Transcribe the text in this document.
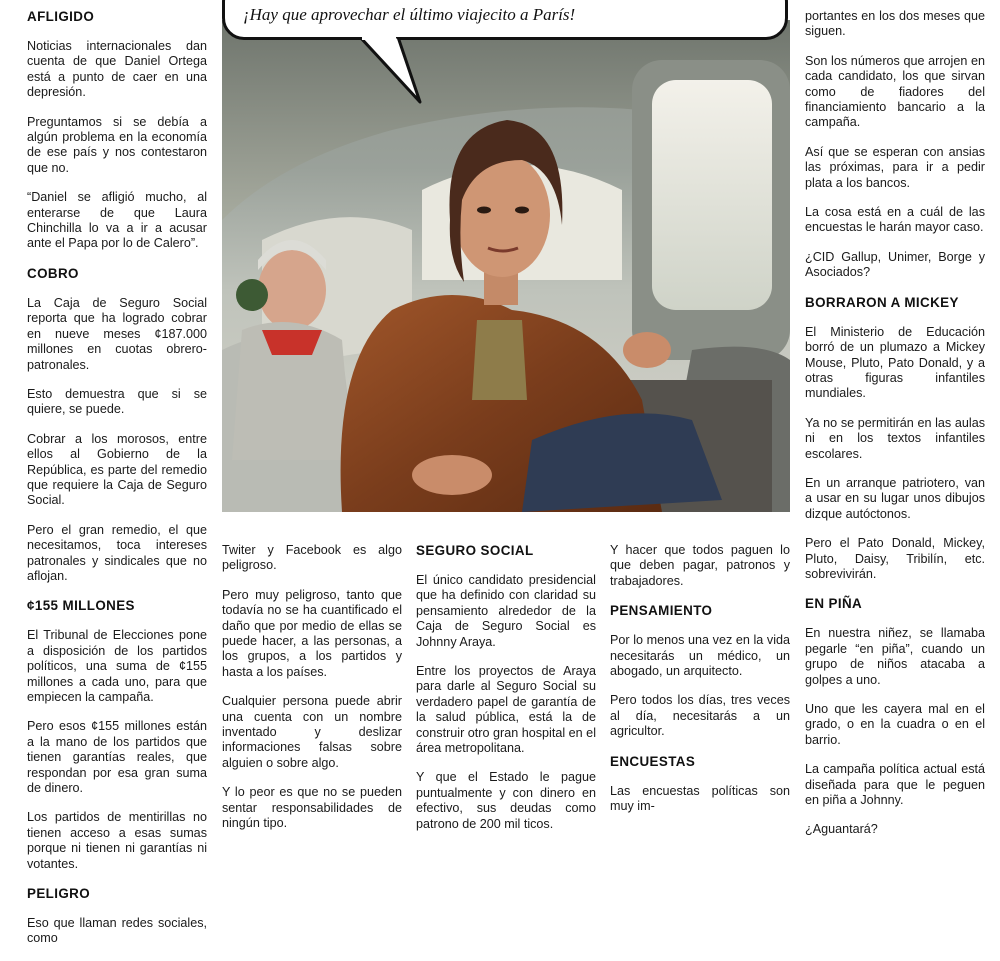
AFLIGIDO

Noticias internacionales dan cuenta de que Daniel Ortega está a punto de caer en una depresión.

Preguntamos si se debía a algún problema en la economía de ese país y nos contestaron que no.

“Daniel se afligió mucho, al enterarse de que Laura Chinchilla lo va a ir a acusar ante el Papa por lo de Calero”.

COBRO

La Caja de Seguro Social reporta que ha logrado cobrar en nueve meses ¢187.000 millones en cuotas obrero-patronales.

Esto demuestra que si se quiere, se puede.

Cobrar a los morosos, entre ellos al Gobierno de la República, es parte del remedio que requiere la Caja de Seguro Social.

Pero el gran remedio, el que necesitamos, toca intereses patronales y sindicales que no aflojan.

¢155 MILLONES

El Tribunal de Elecciones pone a disposición de los partidos políticos, una suma de ¢155 millones a cada uno, para que empiecen la campaña.

Pero esos ¢155 millones están a la mano de los partidos que tienen garantías reales, que respondan por esa gran suma de dinero.

Los partidos de mentirillas no tienen acceso a esas sumas porque ni tienen ni garantías ni votantes.

PELIGRO

Eso que llaman redes sociales, como

Twiter y Facebook es algo peligroso.

Pero muy peligroso, tanto que todavía no se ha cuantificado el daño que por medio de ellas se puede hacer, a las personas, a los grupos, a los partidos y hasta a los países.

Cualquier persona puede abrir una cuenta con un nombre inventado y deslizar informaciones falsas sobre alguien o sobre algo.

Y lo peor es que no se pueden sentar responsabilidades de ningún tipo.

SEGURO SOCIAL

El único candidato presidencial que ha definido con claridad su pensamiento alrededor de la Caja de Seguro Social es Johnny Araya.

Entre los proyectos de Araya para darle al Seguro Social su verdadero papel de garantía de la salud pública, está la de construir otro gran hospital en el área metropolitana.

Y que el Estado le pague puntualmente y con dinero en efectivo, sus deudas como patrono de 200 mil ticos.

Y hacer que todos paguen lo que deben pagar, patronos y trabajadores.

PENSAMIENTO

Por lo menos una vez en la vida necesitarás un médico, un abogado, un arquitecto.

Pero todos los días, tres veces al día, necesitarás a un agricultor.

ENCUESTAS

Las encuestas políticas son muy im-

portantes en los dos meses que siguen.

Son los números que arrojen en cada candidato, los que sirvan como de fiadores del financiamiento bancario a la campaña.

Así que se esperan con ansias las próximas, para ir a pedir plata a los bancos.

La cosa está en a cuál de las encuestas le harán mayor caso.

¿CID Gallup, Unimer, Borge y Asociados?

BORRARON A MICKEY

El Ministerio de Educación borró de un plumazo a Mickey Mouse, Pluto, Pato Donald, y a otras figuras infantiles mundiales.

Ya no se permitirán en las aulas ni en los textos infantiles escolares.

En un arranque patriotero, van a usar en su lugar unos dibujos dizque autóctonos.

Pero el Pato Donald, Mickey, Pluto, Daisy, Tribilín, etc. sobrevivirán.

EN PIÑA

En nuestra niñez, se llamaba pegarle “en piña”, cuando un grupo de niños atacaba a golpes a uno.

Uno que les cayera mal en el grado, o en la cuadra o en el barrio.

La campaña política actual está diseñada para que le peguen en piña a Johnny.

¿Aguantará?

¡Hay que aprovechar el último viajecito a París!
